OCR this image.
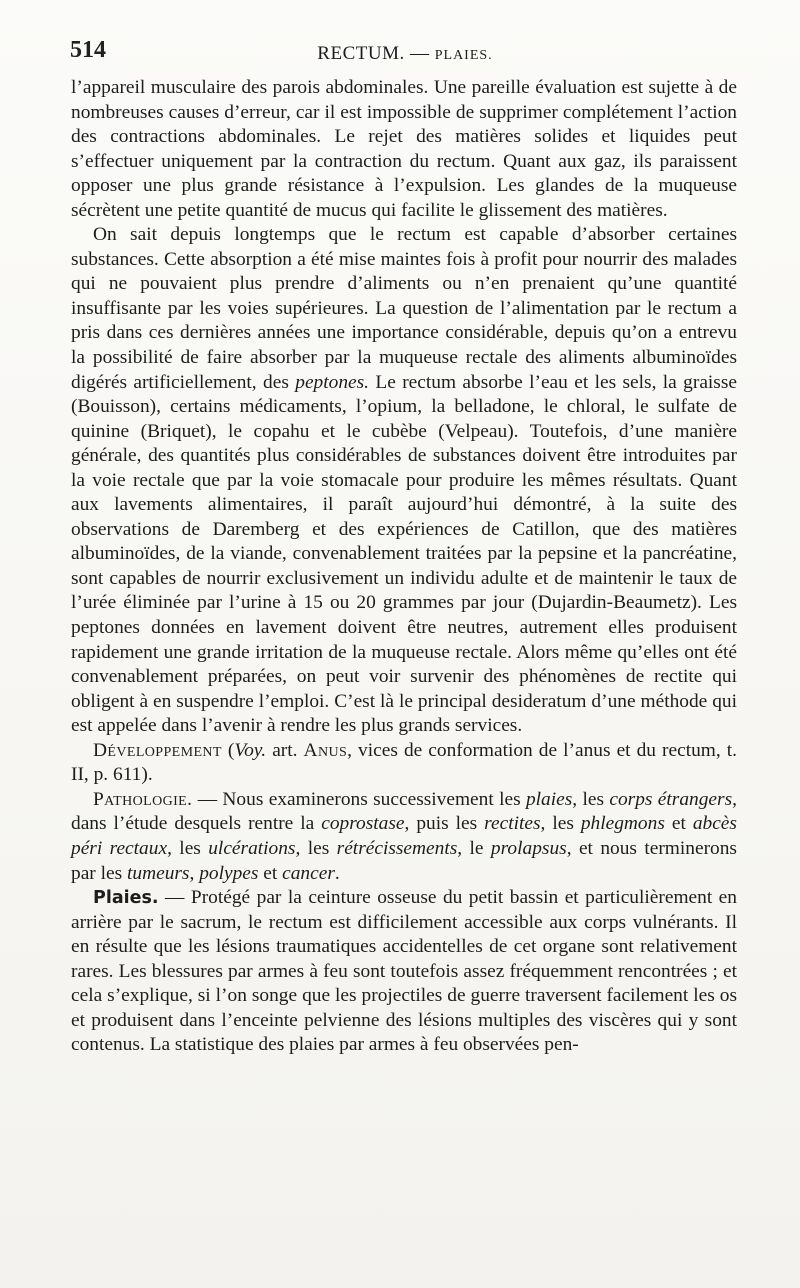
514	RECTUM. — PLAIES.

l’appareil musculaire des parois abdominales. Une pareille évaluation est sujette à de nombreuses causes d’erreur, car il est impossible de supprimer complétement l’action des contractions abdominales. Le rejet des matières solides et liquides peut s’effectuer uniquement par la contraction du rectum. Quant aux gaz, ils paraissent opposer une plus grande résistance à l’expulsion. Les glandes de la muqueuse sécrètent une petite quantité de mucus qui facilite le glissement des matières.

On sait depuis longtemps que le rectum est capable d’absorber certaines substances. Cette absorption a été mise maintes fois à profit pour nourrir des malades qui ne pouvaient plus prendre d’aliments ou n’en prenaient qu’une quantité insuffisante par les voies supérieures. La question de l’alimentation par le rectum a pris dans ces dernières années une importance considérable, depuis qu’on a entrevu la possibilité de faire absorber par la muqueuse rectale des aliments albuminoïdes digérés artificiellement, des peptones. Le rectum absorbe l’eau et les sels, la graisse (Bouisson), certains médicaments, l’opium, la belladone, le chloral, le sulfate de quinine (Briquet), le copahu et le cubèbe (Velpeau). Toutefois, d’une manière générale, des quantités plus considérables de substances doivent être introduites par la voie rectale que par la voie stomacale pour produire les mêmes résultats. Quant aux lavements alimentaires, il paraît aujourd’hui démontré, à la suite des observations de Daremberg et des expériences de Catillon, que des matières albuminoïdes, de la viande, convenablement traitées par la pepsine et la pancréatine, sont capables de nourrir exclusivement un individu adulte et de maintenir le taux de l’urée éliminée par l’urine à 15 ou 20 grammes par jour (Dujardin-Beaumetz). Les peptones données en lavement doivent être neutres, autrement elles produisent rapidement une grande irritation de la muqueuse rectale. Alors même qu’elles ont été convenablement préparées, on peut voir survenir des phénomènes de rectite qui obligent à en suspendre l’emploi. C’est là le principal desideratum d’une méthode qui est appelée dans l’avenir à rendre les plus grands services.

Développement (Voy. art. Anus, vices de conformation de l’anus et du rectum, t. II, p. 611).

Pathologie. — Nous examinerons successivement les plaies, les corps étrangers, dans l’étude desquels rentre la coprostase, puis les rectites, les phlegmons et abcès péri rectaux, les ulcérations, les rétrécissements, le prolapsus, et nous terminerons par les tumeurs, polypes et cancer.

Plaies. — Protégé par la ceinture osseuse du petit bassin et particulièrement en arrière par le sacrum, le rectum est difficilement accessible aux corps vulnérants. Il en résulte que les lésions traumatiques accidentelles de cet organe sont relativement rares. Les blessures par armes à feu sont toutefois assez fréquemment rencontrées ; et cela s’explique, si l’on songe que les projectiles de guerre traversent facilement les os et produisent dans l’enceinte pelvienne des lésions multiples des viscères qui y sont contenus. La statistique des plaies par armes à feu observées pen-
